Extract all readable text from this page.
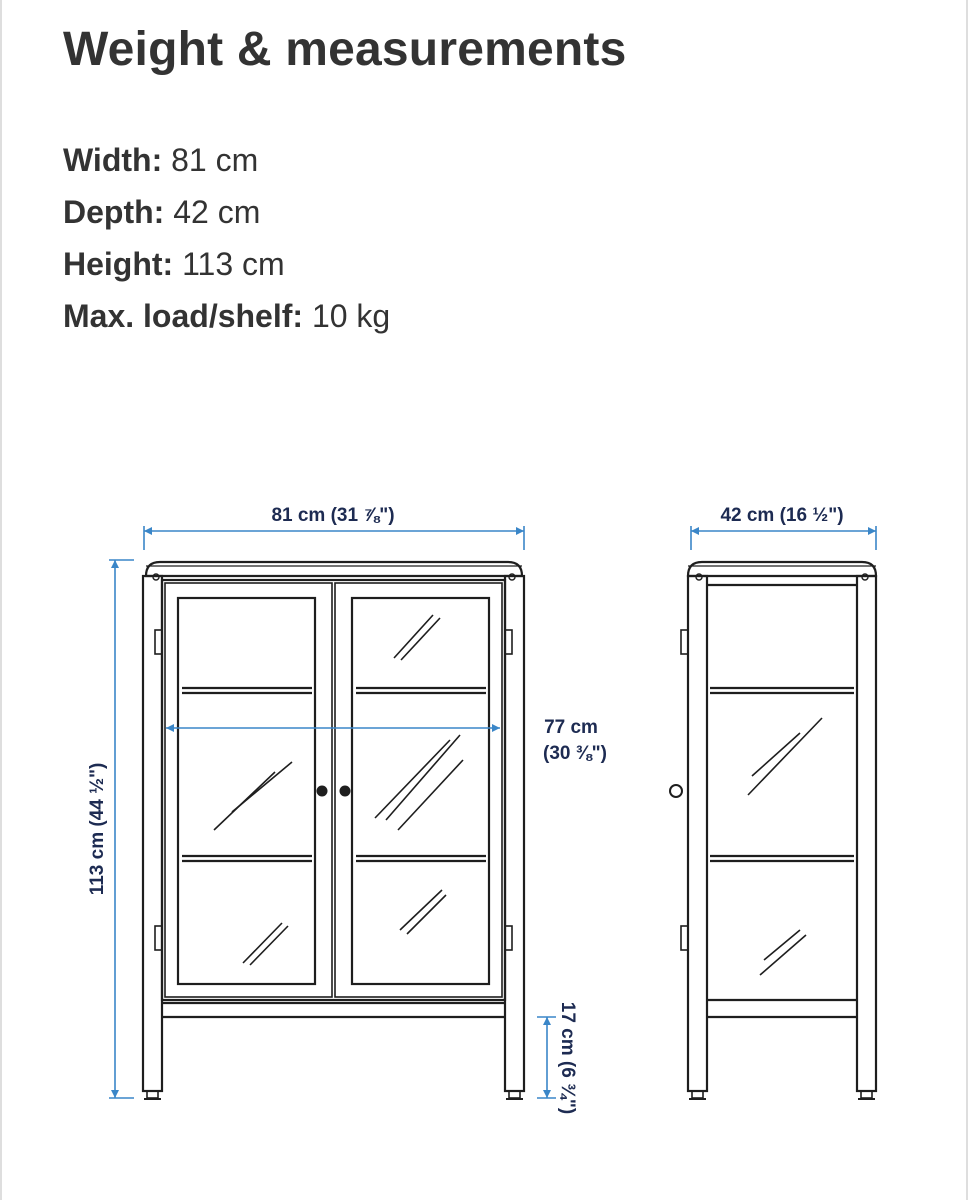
Weight & measurements
Width: 81 cm
Depth: 42 cm
Height: 113 cm
Max. load/shelf: 10 kg
81 cm (31 ⅞")	42 cm (16 ½")
113 cm (44 ½")
77 cm
(30 ⅜")
17 cm (6 ¾")
